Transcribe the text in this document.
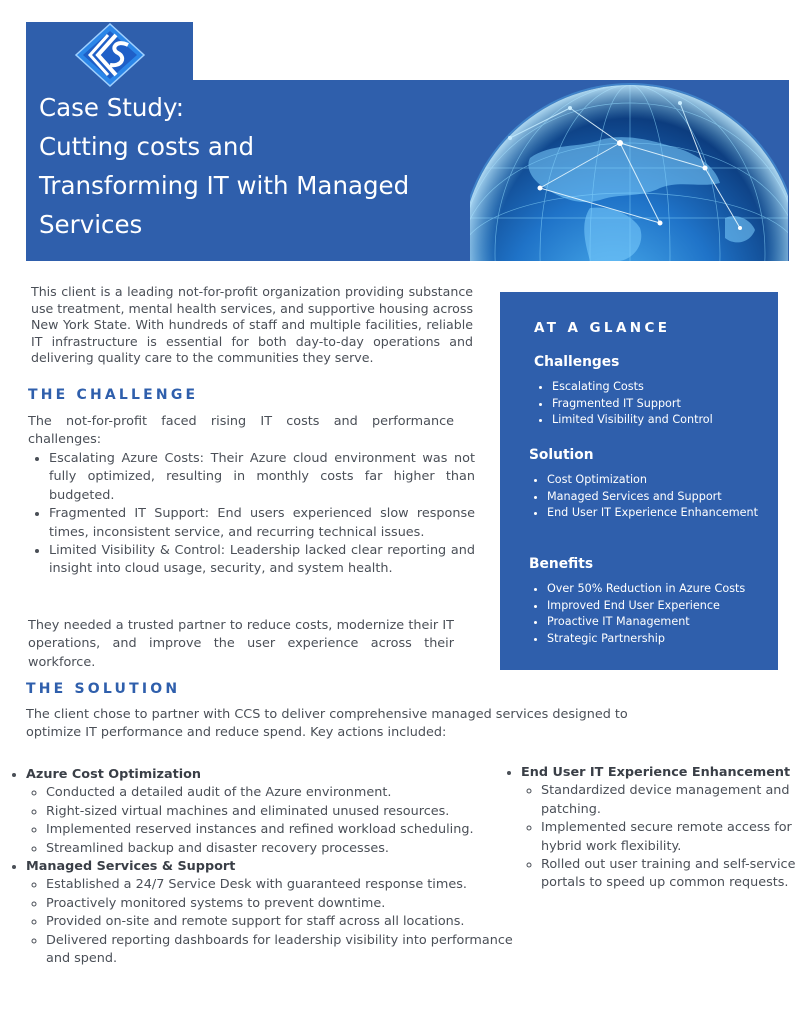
Case Study:
Cutting costs and
Transforming IT with Managed
Services

This client is a leading not-for-profit organization providing substance use treatment, mental health services, and supportive housing across New York State. With hundreds of staff and multiple facilities, reliable IT infrastructure is essential for both day-to-day operations and delivering quality care to the communities they serve.

THE CHALLENGE

The not-for-profit faced rising IT costs and performance challenges:

• Escalating Azure Costs: Their Azure cloud environment was not fully optimized, resulting in monthly costs far higher than budgeted.
• Fragmented IT Support: End users experienced slow response times, inconsistent service, and recurring technical issues.
• Limited Visibility & Control: Leadership lacked clear reporting and insight into cloud usage, security, and system health.

They needed a trusted partner to reduce costs, modernize their IT operations, and improve the user experience across their workforce.

AT A GLANCE
Challenges
• Escalating Costs
• Fragmented IT Support
• Limited Visibility and Control
Solution
• Cost Optimization
• Managed Services and Support
• End User IT Experience Enhancement
Benefits
• Over 50% Reduction in Azure Costs
• Improved End User Experience
• Proactive IT Management
• Strategic Partnership
THE SOLUTION

The client chose to partner with CCS to deliver comprehensive managed services designed to optimize IT performance and reduce spend. Key actions included:

• Azure Cost Optimization
◦ Conducted a detailed audit of the Azure environment.
◦ Right-sized virtual machines and eliminated unused resources.
◦ Implemented reserved instances and refined workload scheduling.
◦ Streamlined backup and disaster recovery processes.
• Managed Services & Support
◦ Established a 24/7 Service Desk with guaranteed response times.
◦ Proactively monitored systems to prevent downtime.
◦ Provided on-site and remote support for staff across all locations.
◦ Delivered reporting dashboards for leadership visibility into performance and spend.
• End User IT Experience Enhancement
◦ Standardized device management and patching.
◦ Implemented secure remote access for hybrid work flexibility.
◦ Rolled out user training and self-service portals to speed up common requests.
